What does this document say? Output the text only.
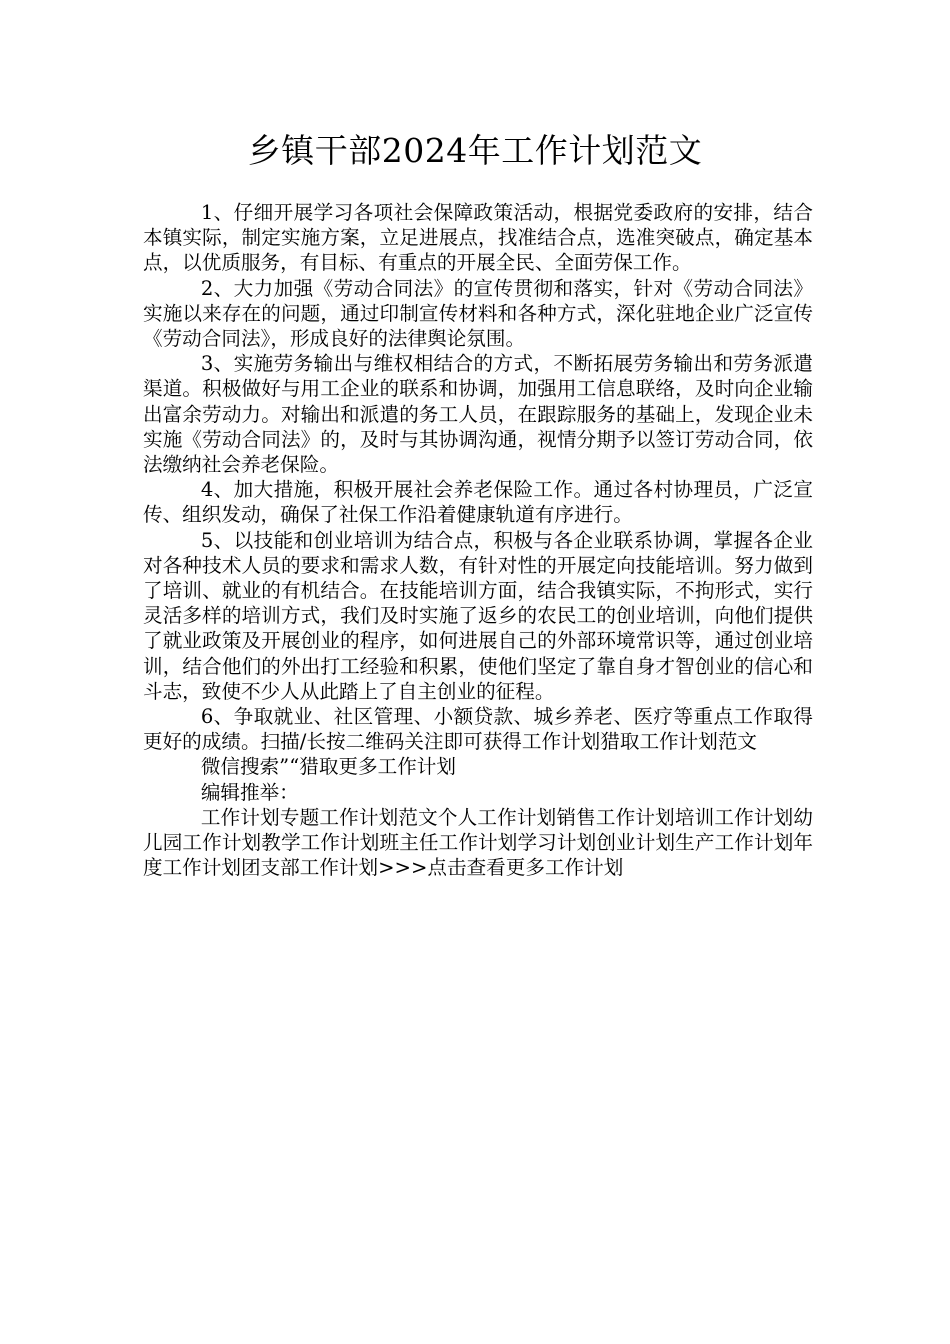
乡镇干部2024年工作计划范文

1、仔细开展学习各项社会保障政策活动，根据党委政府的安排，结合本镇实际，制定实施方案，立足进展点，找准结合点，选准突破点，确定基本点，以优质服务，有目标、有重点的开展全民、全面劳保工作。

2、大力加强《劳动合同法》的宣传贯彻和落实，针对《劳动合同法》实施以来存在的问题，通过印制宣传材料和各种方式，深化驻地企业广泛宣传《劳动合同法》，形成良好的法律舆论氛围。

3、实施劳务输出与维权相结合的方式，不断拓展劳务输出和劳务派遣渠道。积极做好与用工企业的联系和协调，加强用工信息联络，及时向企业输出富余劳动力。对输出和派遣的务工人员，在跟踪服务的基础上，发现企业未实施《劳动合同法》的，及时与其协调沟通，视情分期予以签订劳动合同，依法缴纳社会养老保险。

4、加大措施，积极开展社会养老保险工作。通过各村协理员，广泛宣传、组织发动，确保了社保工作沿着健康轨道有序进行。

5、以技能和创业培训为结合点，积极与各企业联系协调，掌握各企业对各种技术人员的要求和需求人数，有针对性的开展定向技能培训。努力做到了培训、就业的有机结合。在技能培训方面，结合我镇实际，不拘形式，实行灵活多样的培训方式，我们及时实施了返乡的农民工的创业培训，向他们提供了就业政策及开展创业的程序，如何进展自己的外部环境常识等，通过创业培训，结合他们的外出打工经验和积累，使他们坚定了靠自身才智创业的信心和斗志，致使不少人从此踏上了自主创业的征程。

6、争取就业、社区管理、小额贷款、城乡养老、医疗等重点工作取得更好的成绩。扫描/长按二维码关注即可获得工作计划猎取工作计划范文

微信搜索”“猎取更多工作计划

编辑推举：

工作计划专题工作计划范文个人工作计划销售工作计划培训工作计划幼儿园工作计划教学工作计划班主任工作计划学习计划创业计划生产工作计划年度工作计划团支部工作计划>>>点击查看更多工作计划
